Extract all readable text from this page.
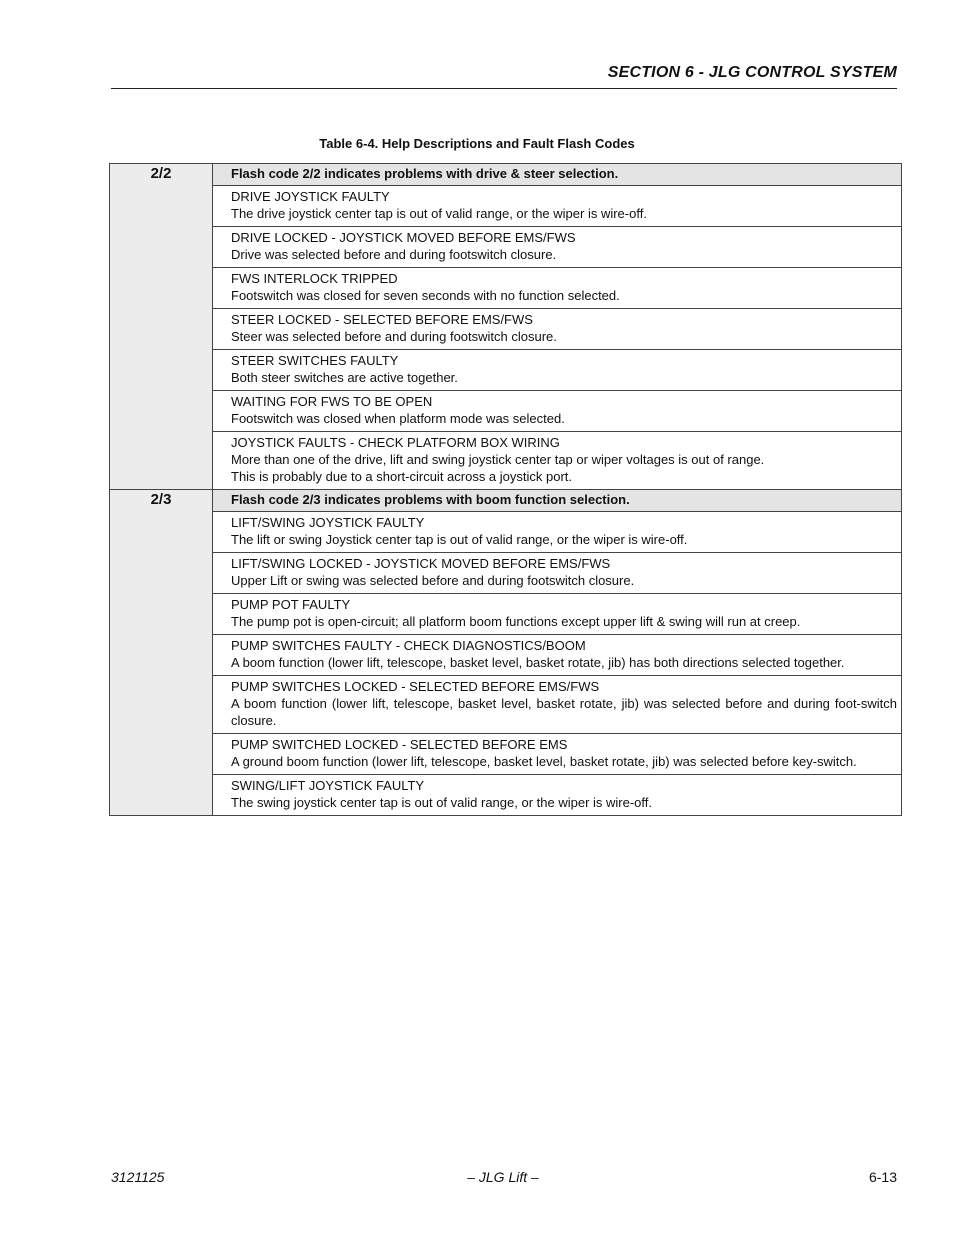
SECTION 6 - JLG CONTROL SYSTEM
Table 6-4. Help Descriptions and Fault Flash Codes
2/2	Flash code 2/2 indicates problems with drive & steer selection.

	DRIVE JOYSTICK FAULTY
The drive joystick center tap is out of valid range, or the wiper is wire-off.

	DRIVE LOCKED - JOYSTICK MOVED BEFORE EMS/FWS
Drive was selected before and during footswitch closure.

	FWS INTERLOCK TRIPPED
Footswitch was closed for seven seconds with no function selected.

	STEER LOCKED - SELECTED BEFORE EMS/FWS
Steer was selected before and during footswitch closure.

	STEER SWITCHES FAULTY
Both steer switches are active together.

	WAITING FOR FWS TO BE OPEN
Footswitch was closed when platform mode was selected.

	JOYSTICK FAULTS - CHECK PLATFORM BOX WIRING
More than one of the drive, lift and swing joystick center tap or wiper voltages is out of range.
This is probably due to a short-circuit across a joystick port.

2/3	Flash code 2/3 indicates problems with boom function selection.

	LIFT/SWING JOYSTICK FAULTY
The lift or swing Joystick center tap is out of valid range, or the wiper is wire-off.

	LIFT/SWING LOCKED - JOYSTICK MOVED BEFORE EMS/FWS
Upper Lift or swing was selected before and during footswitch closure.

	PUMP POT FAULTY
The pump pot is open-circuit; all platform boom functions except upper lift & swing will run at creep.

	PUMP SWITCHES FAULTY - CHECK DIAGNOSTICS/BOOM
A boom function (lower lift, telescope, basket level, basket rotate, jib) has both directions selected together.

	PUMP SWITCHES LOCKED - SELECTED BEFORE EMS/FWS
A boom function (lower lift, telescope, basket level, basket rotate, jib) was selected before and during foot-switch closure.

	PUMP SWITCHED LOCKED - SELECTED BEFORE EMS
A ground boom function (lower lift, telescope, basket level, basket rotate, jib) was selected before key-switch.

	SWING/LIFT JOYSTICK FAULTY
The swing joystick center tap is out of valid range, or the wiper is wire-off.
3121125	– JLG Lift –	6-13
